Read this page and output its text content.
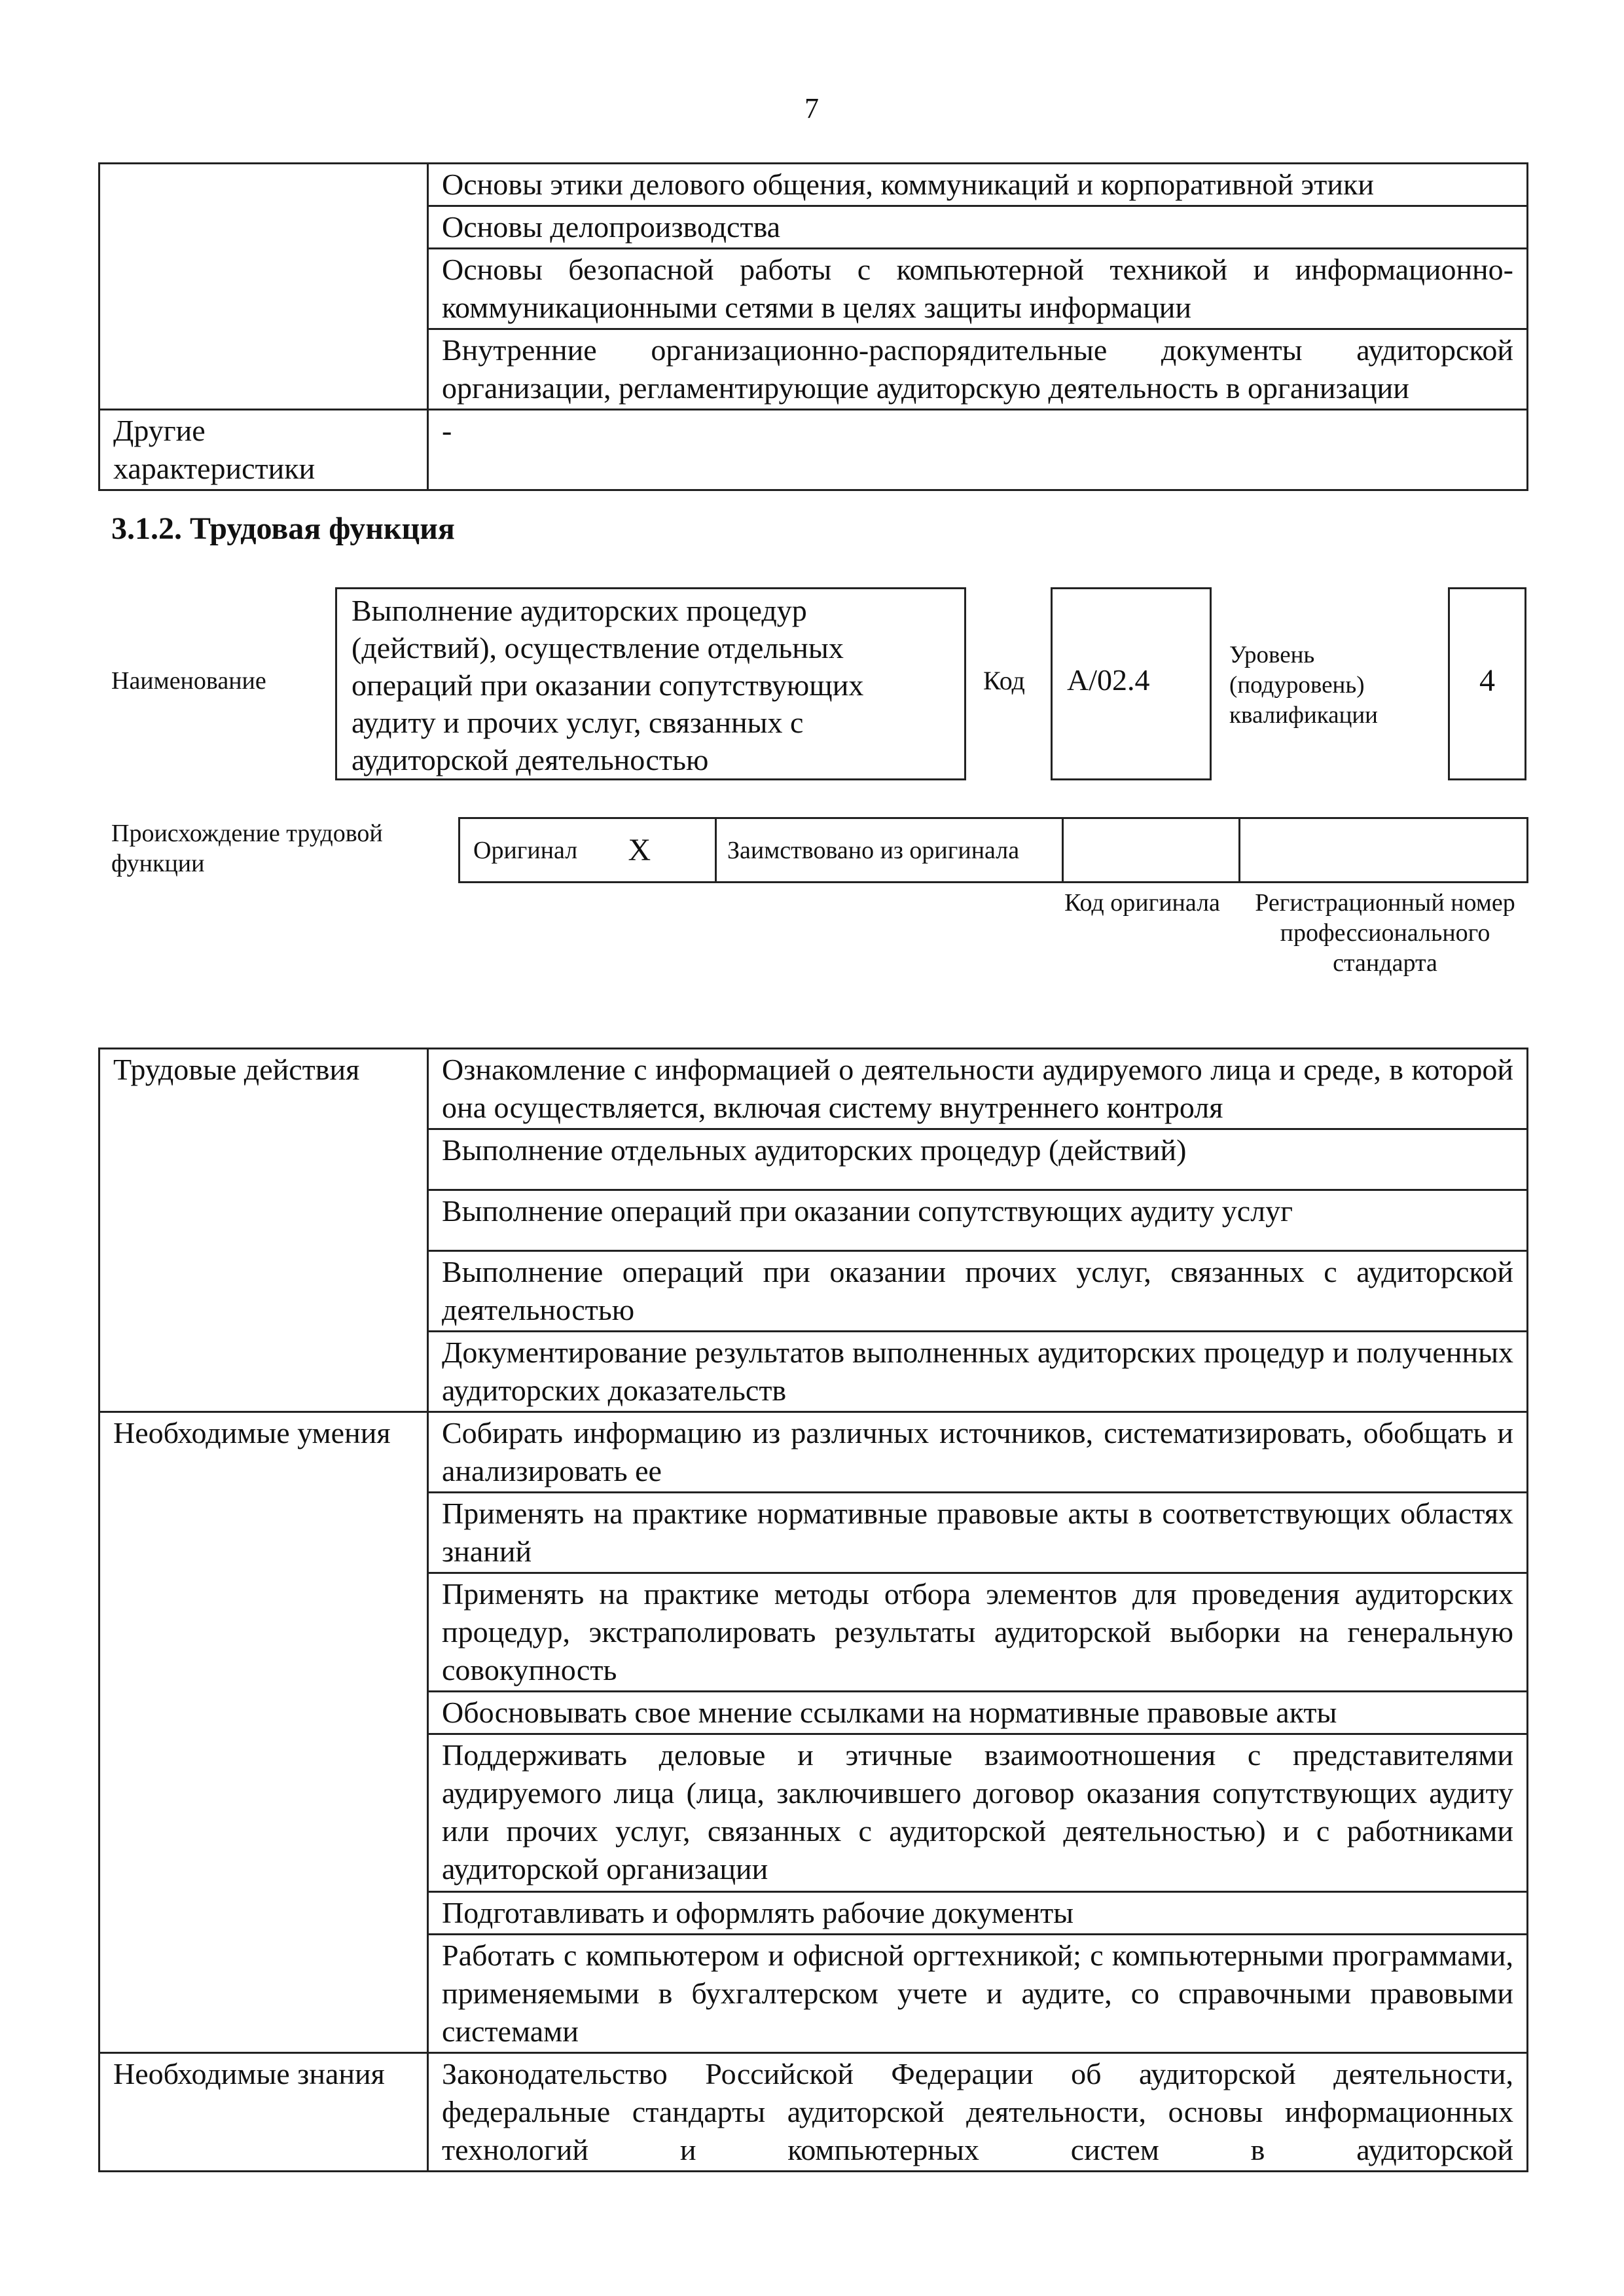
7
	Основы этики делового общения, коммуникаций и корпоративной этики
	Основы делопроизводства
	Основы безопасной работы с компьютерной техникой и информационно-коммуникационными сетями в целях защиты информации
	Внутренние организационно-распорядительные документы аудиторской организации, регламентирующие аудиторскую деятельность в организации
Другие характеристики	-
3.1.2. Трудовая функция
Наименование
Выполнение аудиторских процедур (действий), осуществление отдельных операций при оказании сопутствующих аудиту и прочих услуг, связанных с аудиторской деятельностью
Код A/02.4
Уровень (подуровень) квалификации
4
Происхождение трудовой функции	Оригинал	X	Заимствовано из оригинала		
Код оригинала Регистрационный номер профессионального стандарта
Трудовые действия	Ознакомление с информацией о деятельности аудируемого лица и среде, в которой она осуществляется, включая систему внутреннего контроля
	Выполнение отдельных аудиторских процедур (действий)
	Выполнение операций при оказании сопутствующих аудиту услуг
	Выполнение операций при оказании прочих услуг, связанных с аудиторской деятельностью
	Документирование результатов выполненных аудиторских процедур и полученных аудиторских доказательств
Необходимые умения	Собирать информацию из различных источников, систематизировать, обобщать и анализировать ее
	Применять на практике нормативные правовые акты в соответствующих областях знаний
	Применять на практике методы отбора элементов для проведения аудиторских процедур, экстраполировать результаты аудиторской выборки на генеральную совокупность
	Обосновывать свое мнение ссылками на нормативные правовые акты
	Поддерживать деловые и этичные взаимоотношения с представителями аудируемого лица (лица, заключившего договор оказания сопутствующих аудиту или прочих услуг, связанных с аудиторской деятельностью) и с работниками аудиторской организации
	Подготавливать и оформлять рабочие документы
	Работать с компьютером и офисной оргтехникой; с компьютерными программами, применяемыми в бухгалтерском учете и аудите, со справочными правовыми системами
Необходимые знания	Законодательство Российской Федерации об аудиторской деятельности, федеральные стандарты аудиторской деятельности, основы информационных технологий и компьютерных систем в аудиторской
